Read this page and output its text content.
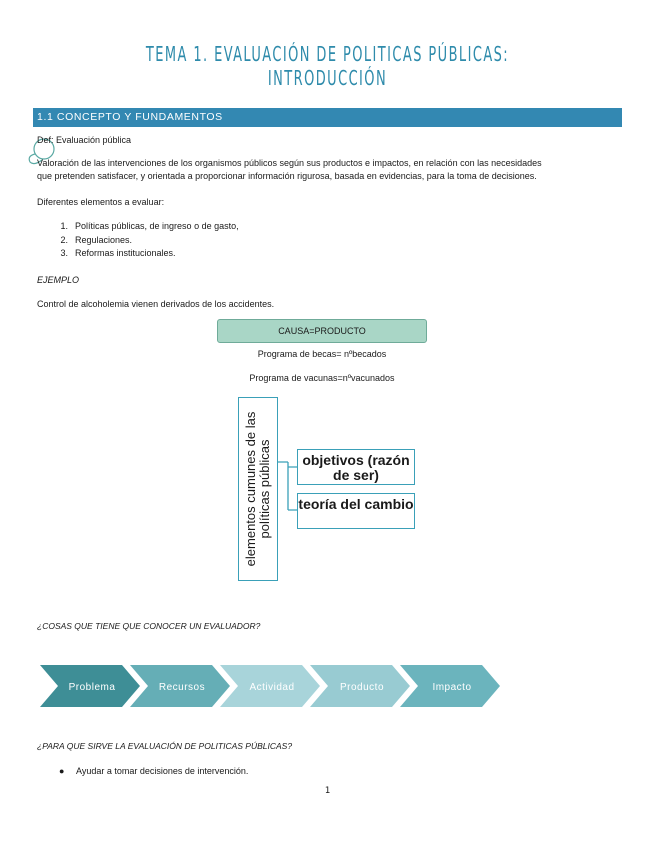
TEMA 1. EVALUACIÓN DE POLITICAS PÚBLICAS: INTRODUCCIÓN
1.1 CONCEPTO Y FUNDAMENTOS
Def: Evaluación pública
Valoración de las intervenciones de los organismos públicos según sus productos e impactos, en relación con las necesidades
que pretenden satisfacer, y orientada a proporcionar información rigurosa, basada en evidencias, para la toma de decisiones.
Diferentes elementos a evaluar:
1. Políticas públicas, de ingreso o de gasto,
2. Regulaciones.
3. Reformas institucionales.
EJEMPLO
Control de alcoholemia vienen derivados de los accidentes.
CAUSA=PRODUCTO
Programa de becas= nºbecados
Programa de vacunas=nºvacunados
elementos cumunes de las políticas públicas	objetivos (razón de ser)
teoría del cambio
¿COSAS QUE TIENE QUE CONOCER UN EVALUADOR?
Problema	Recursos	Actividad	Producto	Impacto
¿PARA QUE SIRVE LA EVALUACIÓN DE POLITICAS PÚBLICAS?
● Ayudar a tomar decisiones de intervención.
1
